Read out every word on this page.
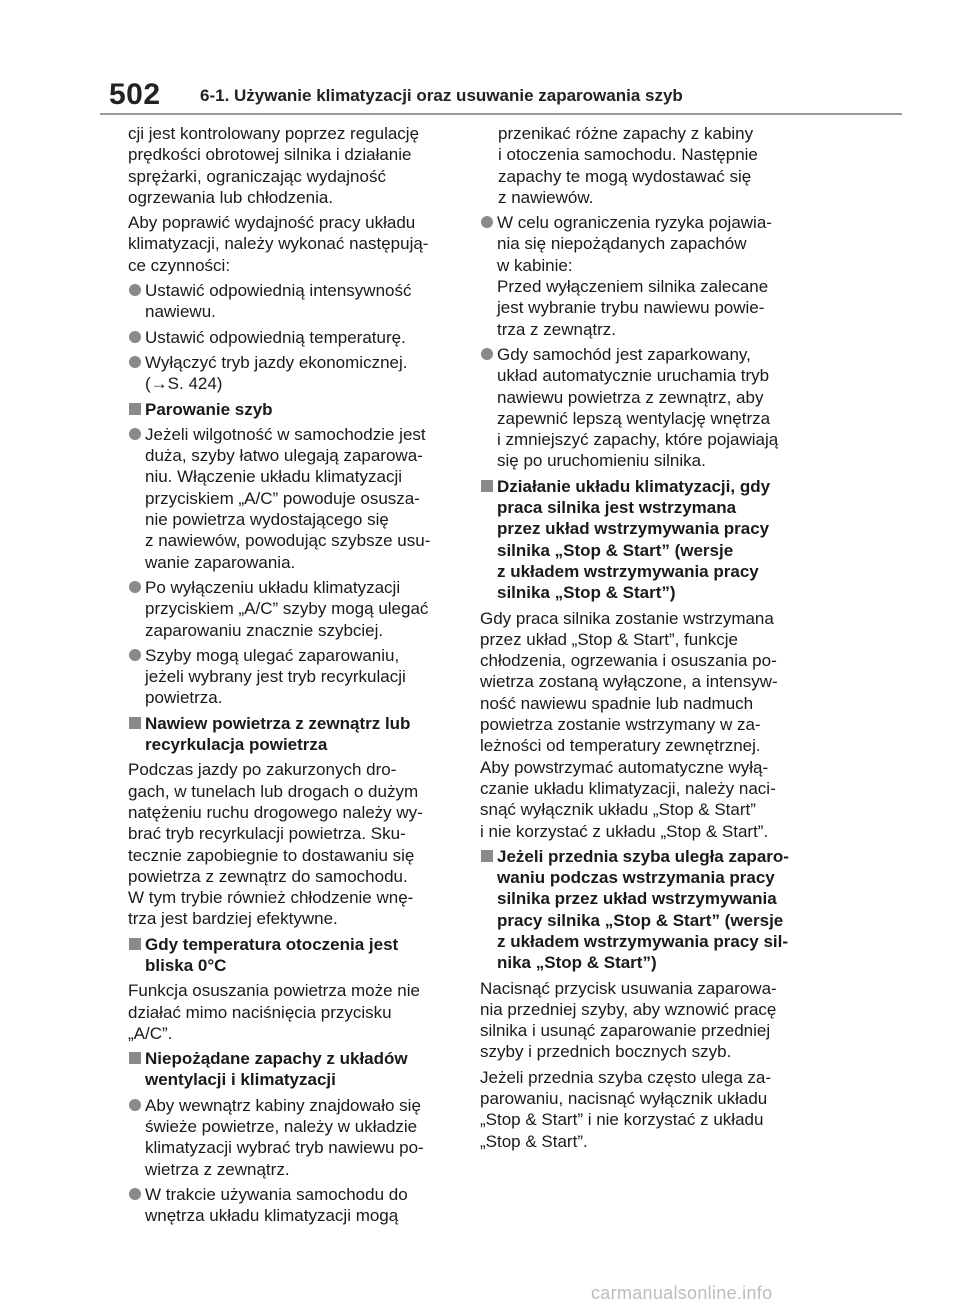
502 6-1. Używanie klimatyzacji oraz usuwanie zaparowania szyb
cji jest kontrolowany poprzez regulację
prędkości obrotowej silnika i działanie
sprężarki, ograniczając wydajność
ogrzewania lub chłodzenia.
Aby poprawić wydajność pracy układu
klimatyzacji, należy wykonać następują-
ce czynności:
Ustawić odpowiednią intensywność
nawiewu.
Ustawić odpowiednią temperaturę.
Wyłączyć tryb jazdy ekonomicznej.
(→S. 424)
Parowanie szyb
Jeżeli wilgotność w samochodzie jest
duża, szyby łatwo ulegają zaparowa-
niu. Włączenie układu klimatyzacji
przyciskiem „A/C” powoduje osusza-
nie powietrza wydostającego się
z nawiewów, powodując szybsze usu-
wanie zaparowania.
Po wyłączeniu układu klimatyzacji
przyciskiem „A/C” szyby mogą ulegać
zaparowaniu znacznie szybciej.
Szyby mogą ulegać zaparowaniu,
jeżeli wybrany jest tryb recyrkulacji
powietrza.
Nawiew powietrza z zewnątrz lub
recyrkulacja powietrza
Podczas jazdy po zakurzonych dro-
gach, w tunelach lub drogach o dużym
natężeniu ruchu drogowego należy wy-
brać tryb recyrkulacji powietrza. Sku-
tecznie zapobiegnie to dostawaniu się
powietrza z zewnątrz do samochodu.
W tym trybie również chłodzenie wnę-
trza jest bardziej efektywne.
Gdy temperatura otoczenia jest
bliska 0°C
Funkcja osuszania powietrza może nie
działać mimo naciśnięcia przycisku
„A/C”.
Niepożądane zapachy z układów
wentylacji i klimatyzacji
Aby wewnątrz kabiny znajdowało się
świeże powietrze, należy w układzie
klimatyzacji wybrać tryb nawiewu po-
wietrza z zewnątrz.
W trakcie używania samochodu do
wnętrza układu klimatyzacji mogą
przenikać różne zapachy z kabiny
i otoczenia samochodu. Następnie
zapachy te mogą wydostawać się
z nawiewów.
W celu ograniczenia ryzyka pojawia-
nia się niepożądanych zapachów
w kabinie:
Przed wyłączeniem silnika zalecane
jest wybranie trybu nawiewu powie-
trza z zewnątrz.
Gdy samochód jest zaparkowany,
układ automatycznie uruchamia tryb
nawiewu powietrza z zewnątrz, aby
zapewnić lepszą wentylację wnętrza
i zmniejszyć zapachy, które pojawiają
się po uruchomieniu silnika.
Działanie układu klimatyzacji, gdy
praca silnika jest wstrzymana
przez układ wstrzymywania pracy
silnika „Stop & Start” (wersje
z układem wstrzymywania pracy
silnika „Stop & Start”)
Gdy praca silnika zostanie wstrzymana
przez układ „Stop & Start”, funkcje
chłodzenia, ogrzewania i osuszania po-
wietrza zostaną wyłączone, a intensyw-
ność nawiewu spadnie lub nadmuch
powietrza zostanie wstrzymany w za-
leżności od temperatury zewnętrznej.
Aby powstrzymać automatyczne wyłą-
czanie układu klimatyzacji, należy naci-
snąć wyłącznik układu „Stop & Start”
i nie korzystać z układu „Stop & Start”.
Jeżeli przednia szyba uległa zaparo-
waniu podczas wstrzymania pracy
silnika przez układ wstrzymywania
pracy silnika „Stop & Start” (wersje
z układem wstrzymywania pracy sil-
nika „Stop & Start”)
Nacisnąć przycisk usuwania zaparowa-
nia przedniej szyby, aby wznowić pracę
silnika i usunąć zaparowanie przedniej
szyby i przednich bocznych szyb.
Jeżeli przednia szyba często ulega za-
parowaniu, nacisnąć wyłącznik układu
„Stop & Start” i nie korzystać z układu
„Stop & Start”.
carmanualsonline.info
